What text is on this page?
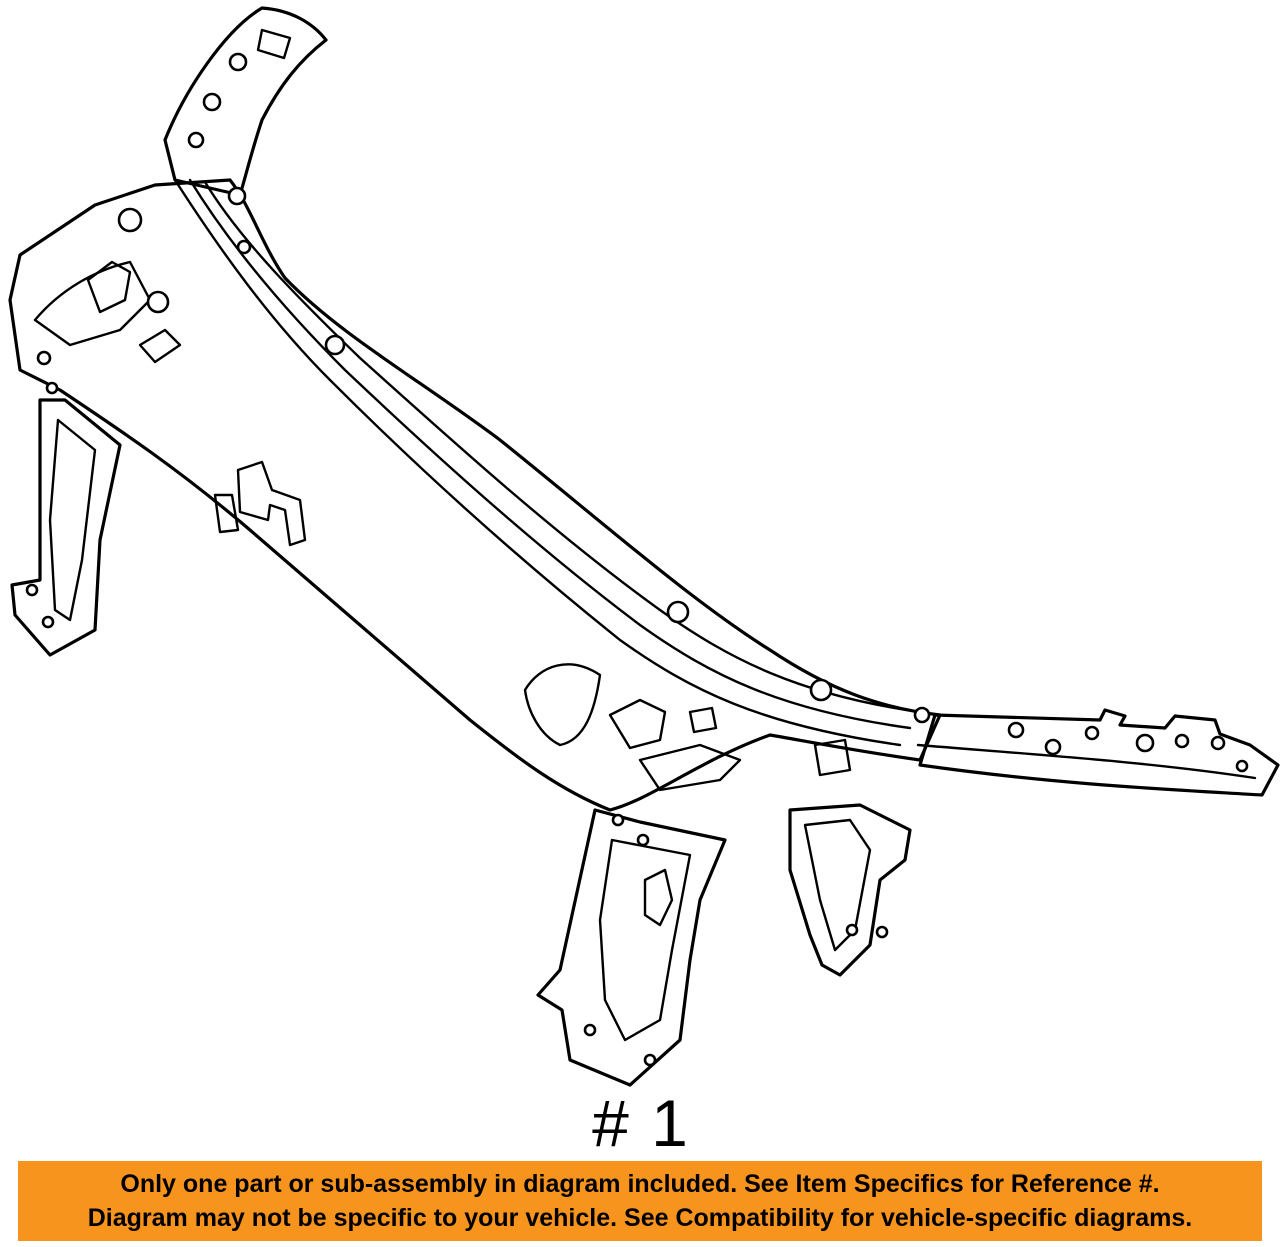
# 1
Only one part or sub-assembly in diagram included. See Item Specifics for Reference #.
Diagram may not be specific to your vehicle. See Compatibility for vehicle-specific diagrams.
